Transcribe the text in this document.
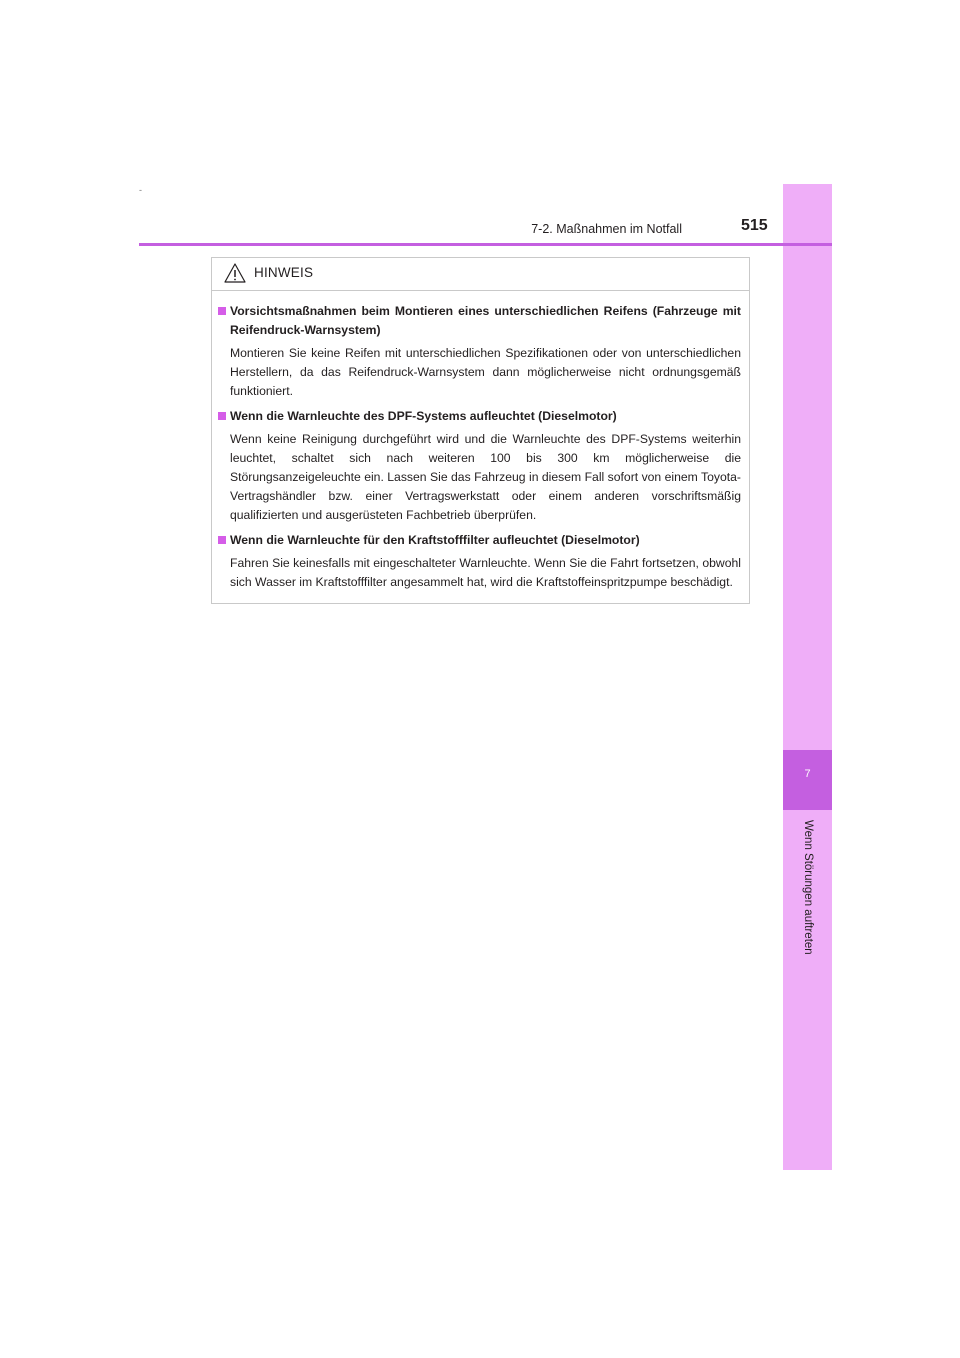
-
7
Wenn Störungen auftreten
7-2. Maßnahmen im Notfall	515
HINWEIS
Vorsichtsmaßnahmen beim Montieren eines unterschiedlichen Reifens (Fahrzeuge mit Reifendruck-Warnsystem)
Montieren Sie keine Reifen mit unterschiedlichen Spezifikationen oder von unterschiedlichen Herstellern, da das Reifendruck-Warnsystem dann möglicherweise nicht ordnungsgemäß funktioniert.
Wenn die Warnleuchte des DPF-Systems aufleuchtet (Dieselmotor)
Wenn keine Reinigung durchgeführt wird und die Warnleuchte des DPF-Systems weiterhin leuchtet, schaltet sich nach weiteren 100 bis 300 km möglicherweise die Störungsanzeigeleuchte ein. Lassen Sie das Fahrzeug in diesem Fall sofort von einem Toyota-Vertragshändler bzw. einer Vertragswerkstatt oder einem anderen vorschriftsmäßig qualifizierten und ausgerüsteten Fachbetrieb überprüfen.
Wenn die Warnleuchte für den Kraftstofffilter aufleuchtet (Dieselmotor)
Fahren Sie keinesfalls mit eingeschalteter Warnleuchte. Wenn Sie die Fahrt fortsetzen, obwohl sich Wasser im Kraftstofffilter angesammelt hat, wird die Kraftstoffeinspritzpumpe beschädigt.
